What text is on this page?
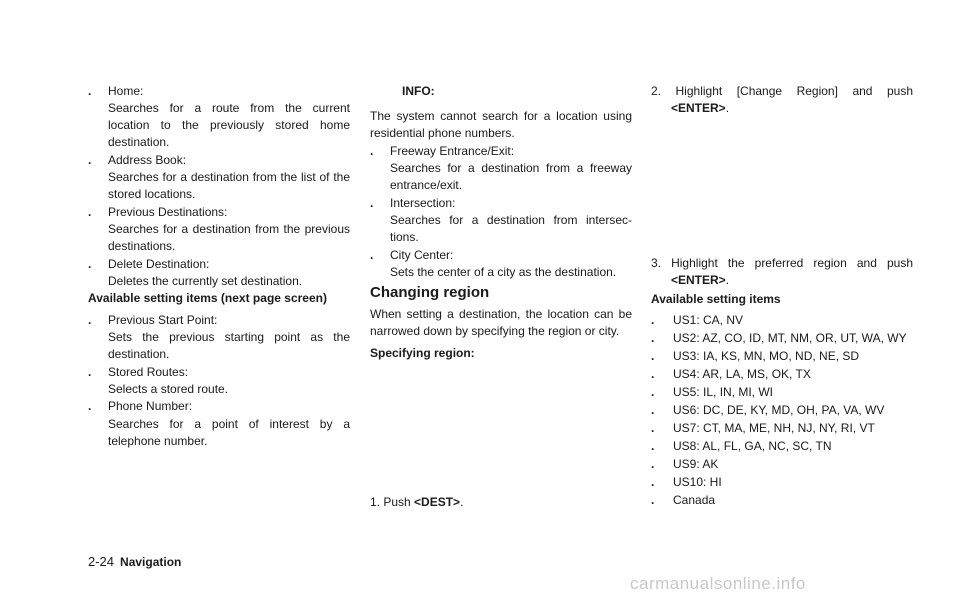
. Home:
Searches for a route from the current
location to the previously stored home
destination.
. Address Book:
Searches for a destination from the list of the
stored locations.
. Previous Destinations:
Searches for a destination from the previous
destinations.
. Delete Destination:
Deletes the currently set destination.
Available setting items (next page screen)
. Previous Start Point:
Sets the previous starting point as the
destination.
. Stored Routes:
Selects a stored route.
. Phone Number:
Searches for a point of interest by a
telephone number.
INFO:
The system cannot search for a location using
residential phone numbers.
. Freeway Entrance/Exit:
Searches for a destination from a freeway
entrance/exit.
. Intersection:
Searches for a destination from intersec-
tions.
. City Center:
Sets the center of a city as the destination.
Changing region
When setting a destination, the location can be
narrowed down by specifying the region or city.
Specifying region:
1. Push <DEST>.
2. Highlight [Change Region] and push
<ENTER>.
3. Highlight the preferred region and push
<ENTER>.
Available setting items
. US1: CA, NV
. US2: AZ, CO, ID, MT, NM, OR, UT, WA, WY
. US3: IA, KS, MN, MO, ND, NE, SD
. US4: AR, LA, MS, OK, TX
. US5: IL, IN, MI, WI
. US6: DC, DE, KY, MD, OH, PA, VA, WV
. US7: CT, MA, ME, NH, NJ, NY, RI, VT
. US8: AL, FL, GA, NC, SC, TN
. US9: AK
. US10: HI
. Canada
2-24 Navigation
carmanualsonline.info
